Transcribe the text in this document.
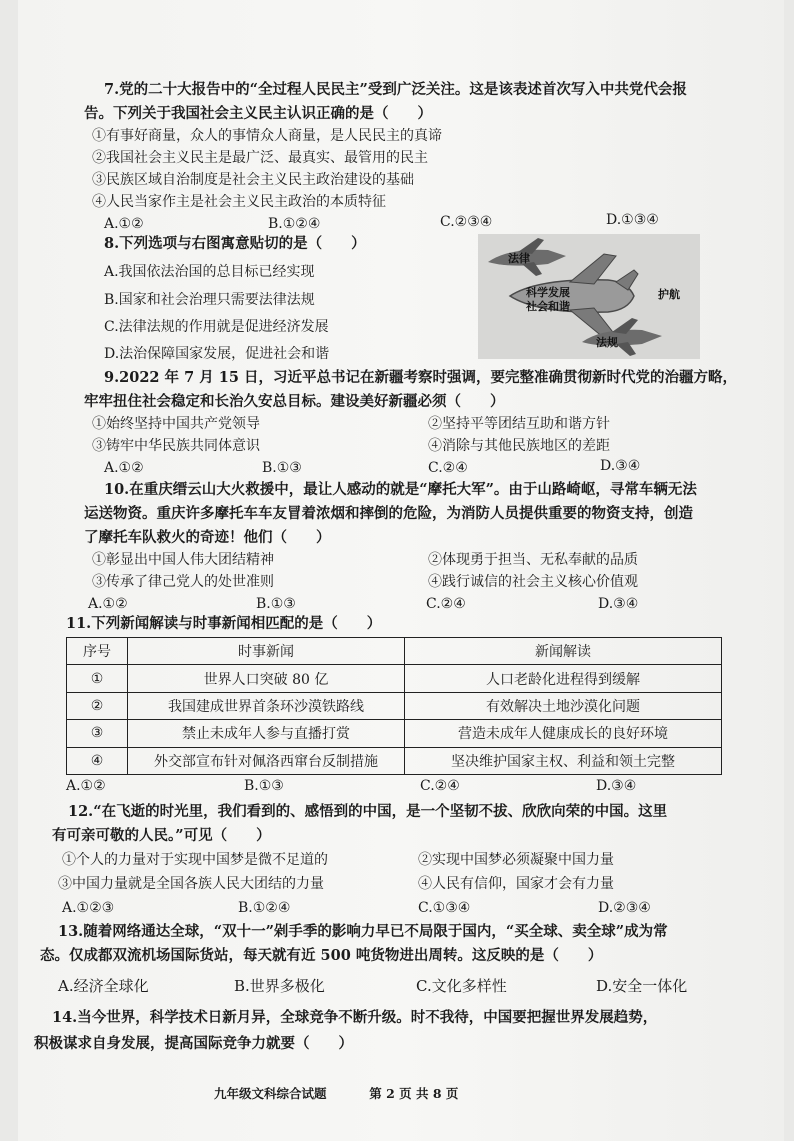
7.党的二十大报告中的“全过程人民民主”受到广泛关注。这是该表述首次写入中共党代会报
告。下列关于我国社会主义民主认识正确的是（　　）
①有事好商量，众人的事情众人商量，是人民民主的真谛
②我国社会主义民主是最广泛、最真实、最管用的民主
③民族区域自治制度是社会主义民主政治建设的基础
④人民当家作主是社会主义民主政治的本质特征
A.①②	B.①②④	C.②③④	D.①③④
8.下列选项与右图寓意贴切的是（　　）
A.我国依法治国的总目标已经实现
B.国家和社会治理只需要法律法规
C.法律法规的作用就是促进经济发展
D.法治保障国家发展，促进社会和谐
法律
科学发展
社会和谐
护航
法规
9.2022 年 7 月 15 日，习近平总书记在新疆考察时强调，要完整准确贯彻新时代党的治疆方略，
牢牢扭住社会稳定和长治久安总目标。建设美好新疆必须（　　）
①始终坚持中国共产党领导	②坚持平等团结互助和谐方针
③铸牢中华民族共同体意识	④消除与其他民族地区的差距
A.①②	B.①③	C.②④	D.③④
10.在重庆缙云山大火救援中，最让人感动的就是“摩托大军”。由于山路崎岖，寻常车辆无法
运送物资。重庆许多摩托车车友冒着浓烟和摔倒的危险，为消防人员提供重要的物资支持，创造
了摩托车队救火的奇迹！他们（　　）
①彰显出中国人伟大团结精神	②体现勇于担当、无私奉献的品质
③传承了律己党人的处世准则	④践行诚信的社会主义核心价值观
A.①②	B.①③	C.②④	D.③④
11.下列新闻解读与时事新闻相匹配的是（　　）
序号	时事新闻	新闻解读
①	世界人口突破 80 亿	人口老龄化进程得到缓解
②	我国建成世界首条环沙漠铁路线	有效解决土地沙漠化问题
③	禁止未成年人参与直播打赏	营造未成年人健康成长的良好环境
④	外交部宣布针对佩洛西窜台反制措施	坚决维护国家主权、利益和领土完整
A.①②	B.①③	C.②④	D.③④
12.“在飞逝的时光里，我们看到的、感悟到的中国，是一个坚韧不拔、欣欣向荣的中国。这里
有可亲可敬的人民。”可见（　　）
①个人的力量对于实现中国梦是微不足道的	②实现中国梦必须凝聚中国力量
③中国力量就是全国各族人民大团结的力量	④人民有信仰，国家才会有力量
A.①②③	B.①②④	C.①③④	D.②③④
13.随着网络通达全球，“双十一”剁手季的影响力早已不局限于国内，“买全球、卖全球”成为常
态。仅成都双流机场国际货站，每天就有近 500 吨货物进出周转。这反映的是（　　）
A.经济全球化	B.世界多极化	C.文化多样性	D.安全一体化
14.当今世界，科学技术日新月异，全球竞争不断升级。时不我待，中国要把握世界发展趋势，
积极谋求自身发展，提高国际竞争力就要（　　）
九年级文科综合试题	第 2 页 共 8 页
